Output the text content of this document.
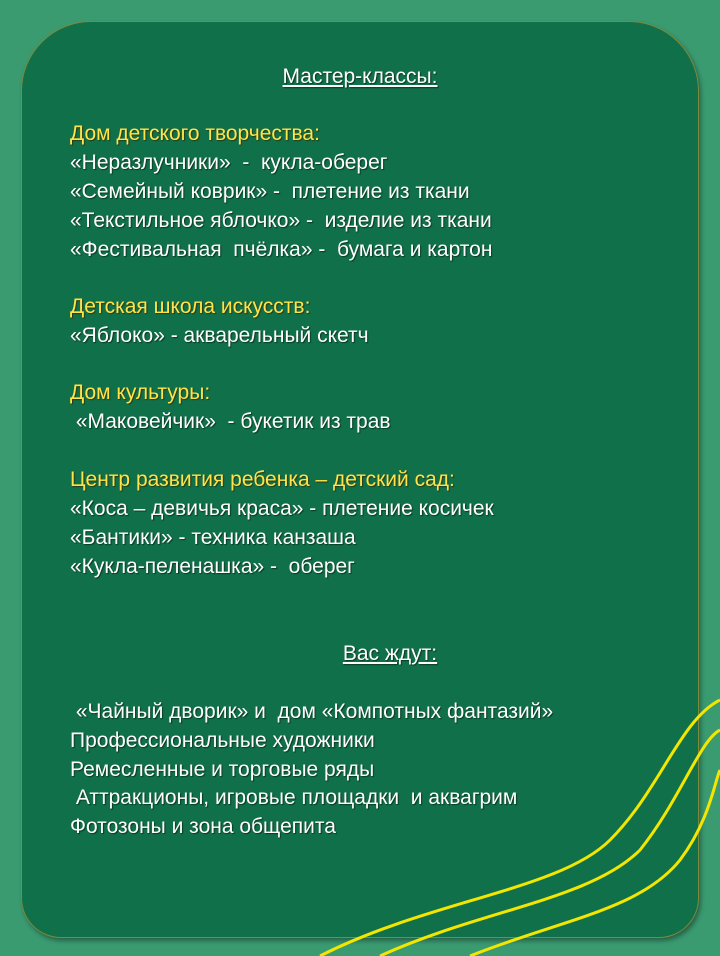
Мастер-классы:

Дом детского творчества:

«Неразлучники»  -  кукла-оберег

«Семейный коврик» -  плетение из ткани

«Текстильное яблочко» -  изделие из ткани

«Фестивальная  пчёлка» -  бумага и картон

Детская школа искусств:

«Яблоко» - акварельный скетч

Дом культуры:

«Маковейчик»  - букетик из трав

Центр развития ребенка – детский сад:

«Коса – девичья краса» - плетение косичек

«Бантики» - техника канзаша

«Кукла-пеленашка» -  оберег

Вас ждут:

«Чайный дворик» и  дом «Компотных фантазий»

Профессиональные художники

Ремесленные и торговые ряды

Аттракционы, игровые площадки  и аквагрим

Фотозоны и зона общепита
